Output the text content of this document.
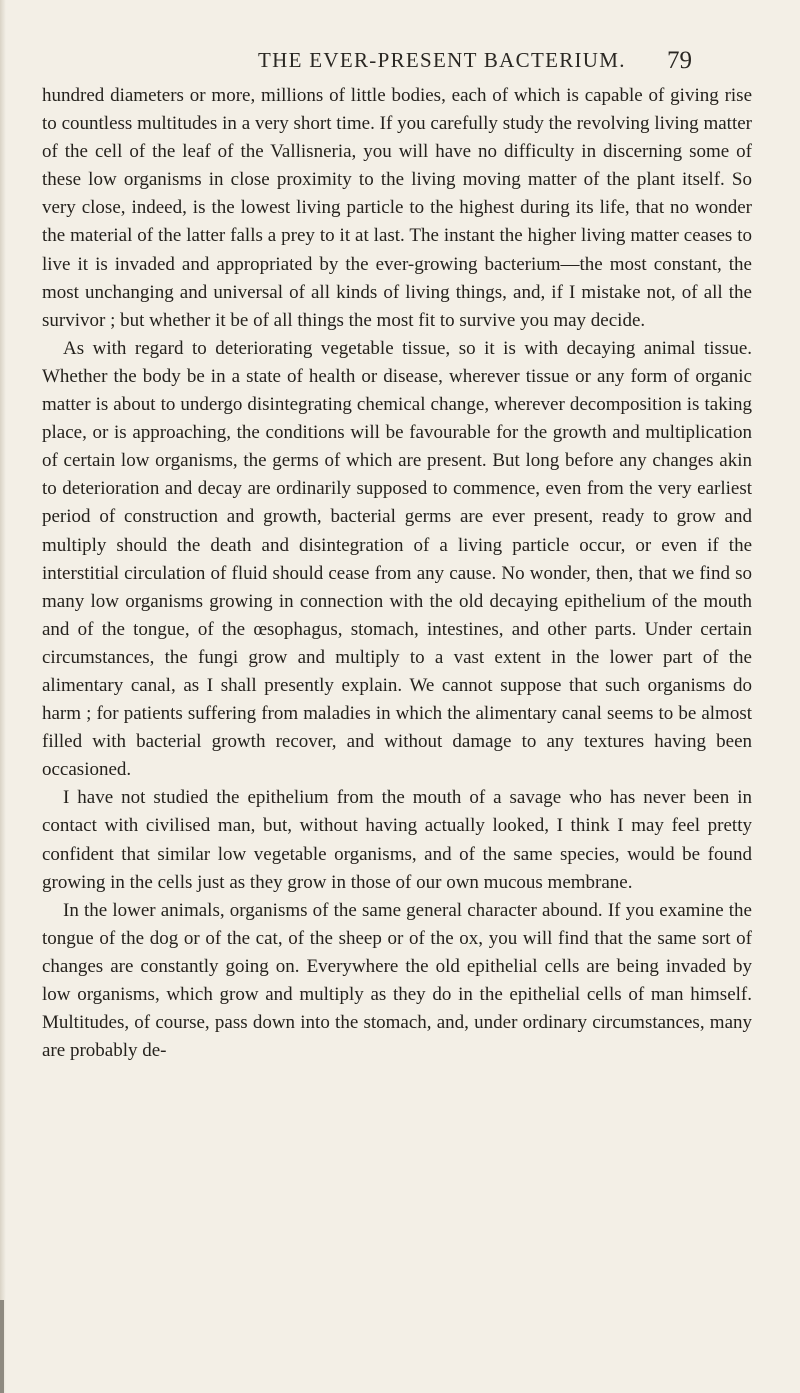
THE EVER-PRESENT BACTERIUM. 79

hundred diameters or more, millions of little bodies, each of which is capable of giving rise to countless multitudes in a very short time. If you carefully study the revolving living matter of the cell of the leaf of the Vallisneria, you will have no difficulty in discerning some of these low organisms in close proximity to the living moving matter of the plant itself. So very close, indeed, is the lowest living particle to the highest during its life, that no wonder the material of the latter falls a prey to it at last. The instant the higher living matter ceases to live it is invaded and appropriated by the ever-growing bacterium—the most constant, the most unchanging and universal of all kinds of living things, and, if I mistake not, of all the survivor ; but whether it be of all things the most fit to survive you may decide.

As with regard to deteriorating vegetable tissue, so it is with decaying animal tissue. Whether the body be in a state of health or disease, wherever tissue or any form of organic matter is about to undergo disintegrating chemical change, wherever decomposition is taking place, or is approaching, the conditions will be favourable for the growth and multiplication of certain low organisms, the germs of which are present. But long before any changes akin to deterioration and decay are ordinarily supposed to commence, even from the very earliest period of construction and growth, bacterial germs are ever present, ready to grow and multiply should the death and disintegration of a living particle occur, or even if the interstitial circulation of fluid should cease from any cause. No wonder, then, that we find so many low organisms growing in connection with the old decaying epithelium of the mouth and of the tongue, of the œsophagus, stomach, intestines, and other parts. Under certain circumstances, the fungi grow and multiply to a vast extent in the lower part of the alimentary canal, as I shall presently explain. We cannot suppose that such organisms do harm ; for patients suffering from maladies in which the alimentary canal seems to be almost filled with bacterial growth recover, and without damage to any textures having been occasioned.

I have not studied the epithelium from the mouth of a savage who has never been in contact with civilised man, but, without having actually looked, I think I may feel pretty confident that similar low vegetable organisms, and of the same species, would be found growing in the cells just as they grow in those of our own mucous membrane.

In the lower animals, organisms of the same general character abound. If you examine the tongue of the dog or of the cat, of the sheep or of the ox, you will find that the same sort of changes are constantly going on. Everywhere the old epithelial cells are being invaded by low organisms, which grow and multiply as they do in the epithelial cells of man himself. Multitudes, of course, pass down into the stomach, and, under ordinary circumstances, many are probably de-
